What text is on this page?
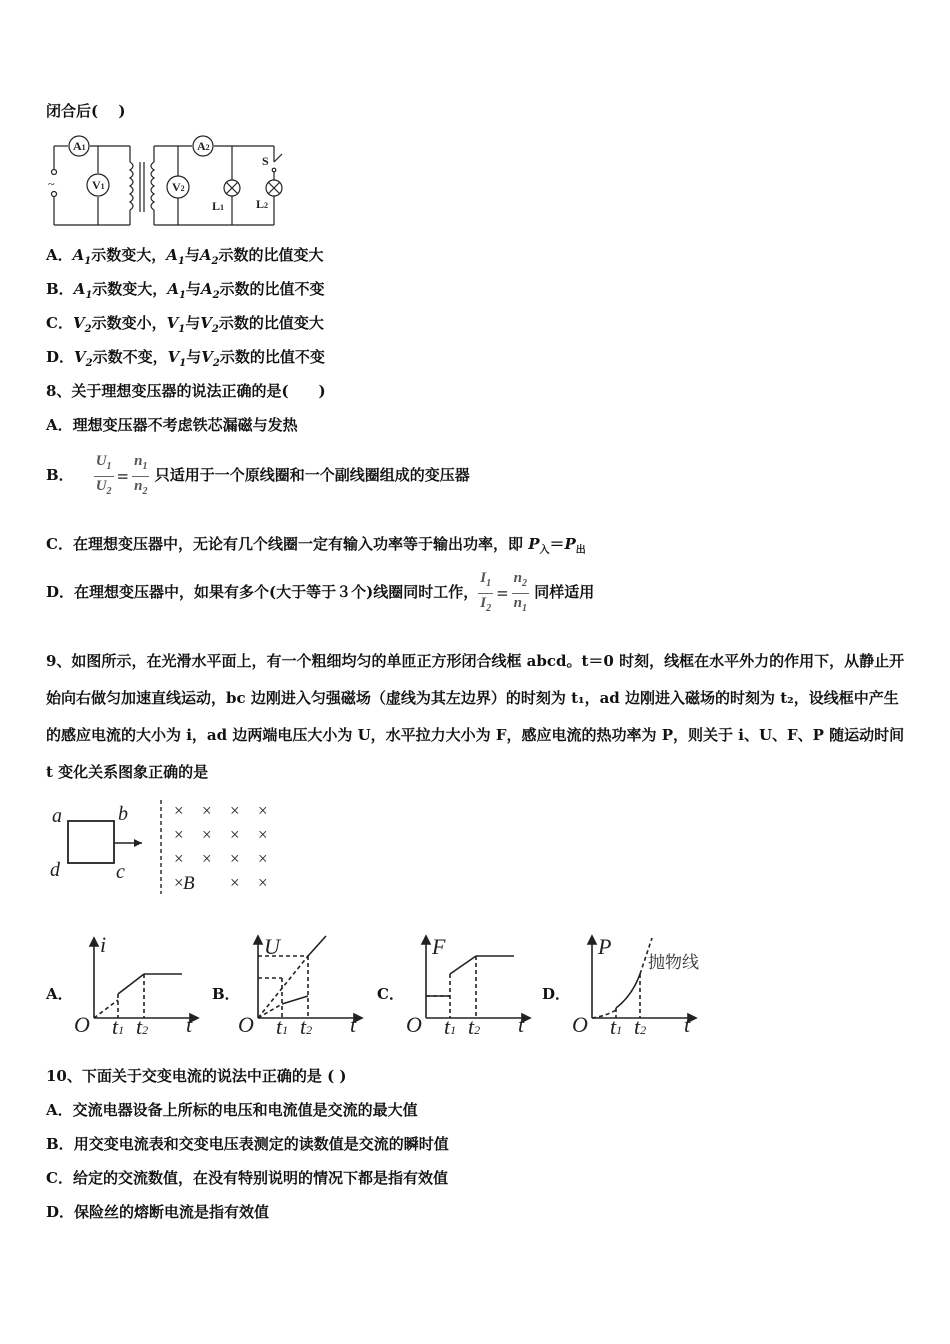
闭合后(　 )
A1	A2
V1	V2
L1	L2
S
~
A．$A_1$示数变大，$A_1$与$A_2$示数的比值变大
B．$A_1$示数变大，$A_1$与$A_2$示数的比值不变
C．$V_2$示数变小，$V_1$与$V_2$示数的比值变大
D．$V_2$示数不变，$V_1$与$V_2$示数的比值不变
8、关于理想变压器的说法正确的是(　　)
A．理想变压器不考虑铁芯漏磁与发热
B． $\frac{U_1}{U_2} = \frac{n_1}{n_2}$ 只适用于一个原线圈和一个副线圈组成的变压器
C．在理想变压器中，无论有几个线圈一定有输入功率等于输出功率，即 $P_入=P_出$
D．在理想变压器中，如果有多个(大于等于３个)线圈同时工作， $\frac{I_1}{I_2} = \frac{n_2}{n_1}$ 同样适用
9、如图所示，在光滑水平面上，有一个粗细均匀的单匝正方形闭合线框 abcd。t＝0 时刻，线框在水平外力的作用下，从静止开始向右做匀加速直线运动，bc 边刚进入匀强磁场（虚线为其左边界）的时刻为 t₁，ad 边刚进入磁场的时刻为 t₂，设线框中产生的感应电流的大小为 i，ad 边两端电压大小为 U，水平拉力大小为 F，感应电流的热功率为 P，则关于 i、U、F、P 随运动时间 t 变化关系图象正确的是
a	b
c
d
× × × ×
× × × ×
× × × ×
×	× ×
B
A．
i
O t1 t2 t
B．
U
O t1 t2 t
C．
F
O t1 t2 t
D．
P
O t1 t2 t
抛物线
10、下面关于交变电流的说法中正确的是 ( )
A．交流电器设备上所标的电压和电流值是交流的最大值
B．用交变电流表和交变电压表测定的读数值是交流的瞬时值
C．给定的交流数值，在没有特别说明的情况下都是指有效值
D．保险丝的熔断电流是指有效值
